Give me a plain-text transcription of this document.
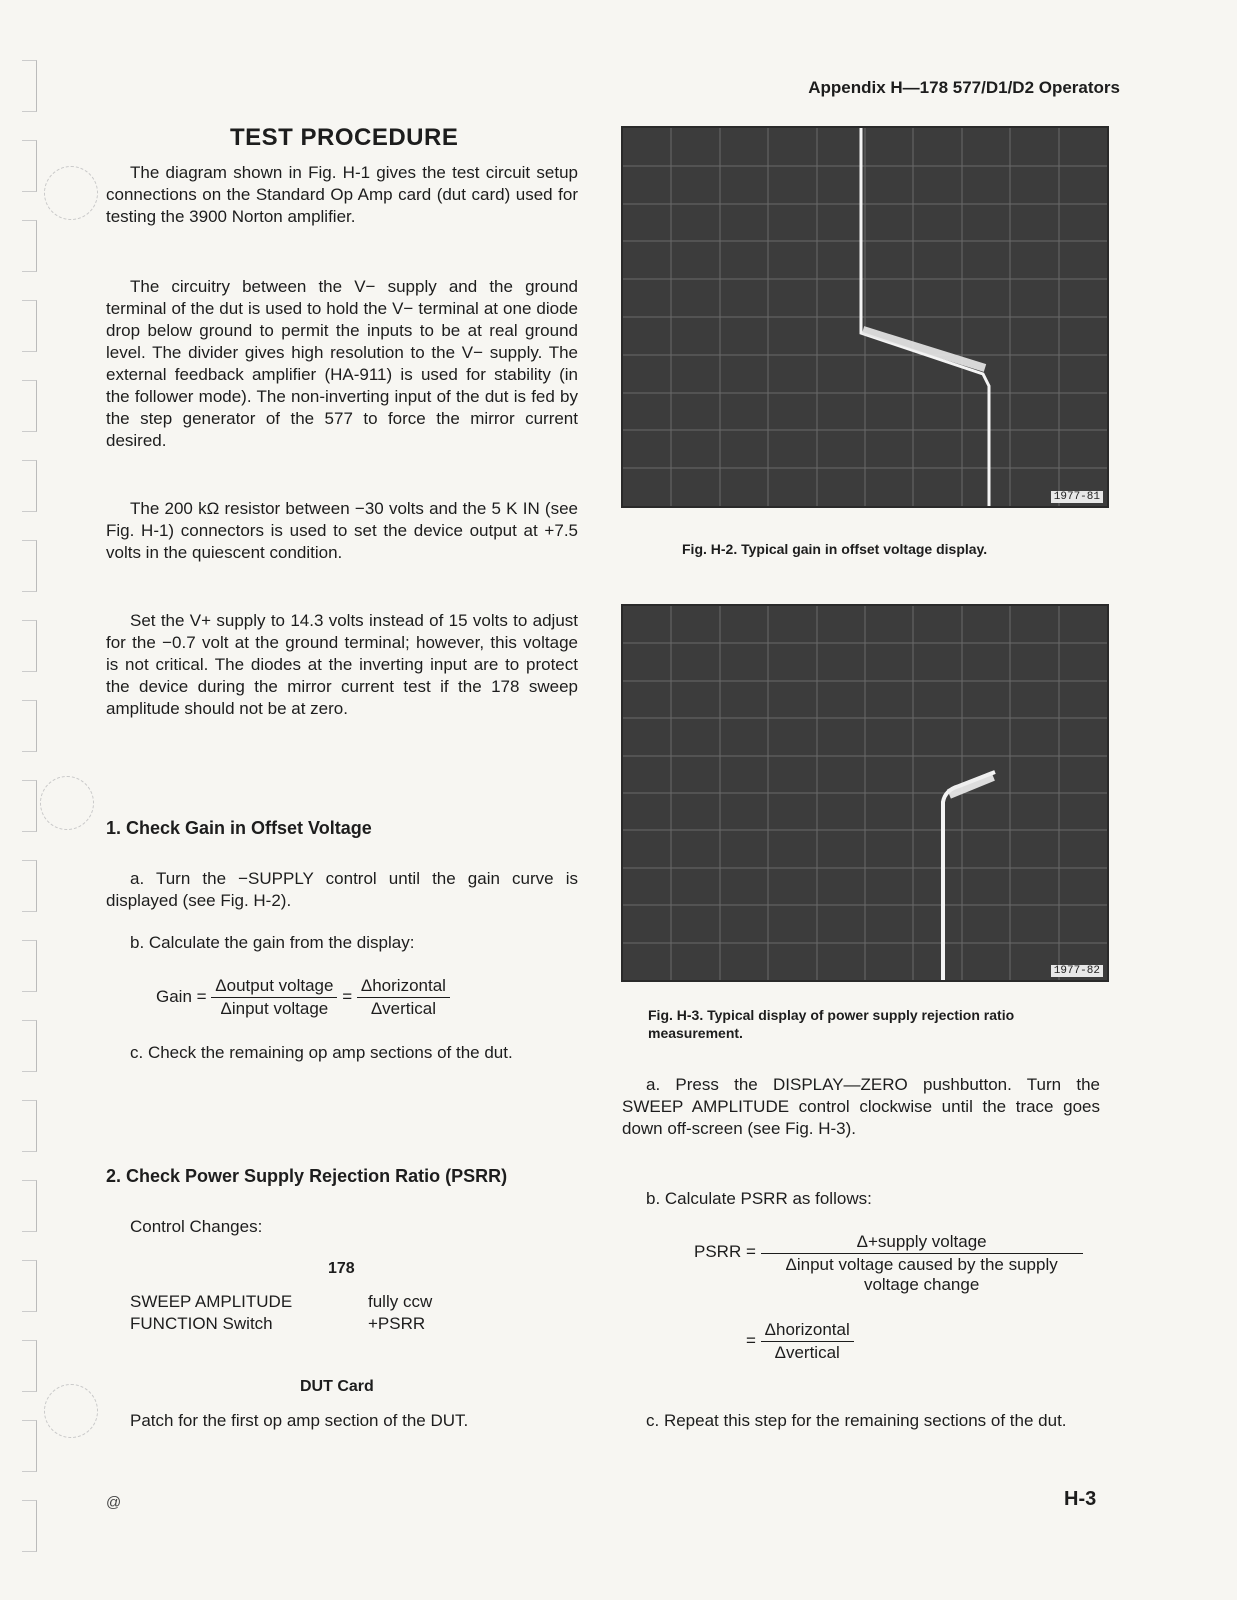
Appendix H—178 577/D1/D2 Operators
TEST PROCEDURE
The diagram shown in Fig. H-1 gives the test circuit setup connections on the Standard Op Amp card (dut card) used for testing the 3900 Norton amplifier.
The circuitry between the V− supply and the ground terminal of the dut is used to hold the V− terminal at one diode drop below ground to permit the inputs to be at real ground level. The divider gives high resolution to the V− supply. The external feedback amplifier (HA-911) is used for stability (in the follower mode). The non-inverting input of the dut is fed by the step generator of the 577 to force the mirror current desired.
The 200 kΩ resistor between −30 volts and the 5 K IN (see Fig. H-1) connectors is used to set the device output at +7.5 volts in the quiescent condition.
Set the V+ supply to 14.3 volts instead of 15 volts to adjust for the −0.7 volt at the ground terminal; however, this voltage is not critical. The diodes at the inverting input are to protect the device during the mirror current test if the 178 sweep amplitude should not be at zero.
1. Check Gain in Offset Voltage
a. Turn the −SUPPLY control until the gain curve is displayed (see Fig. H-2).
b. Calculate the gain from the display:
Gain = $\frac{\text{Δoutput voltage}}{\text{Δinput voltage}} = \frac{\text{Δhorizontal}}{\text{Δvertical}}$
c. Check the remaining op amp sections of the dut.
2. Check Power Supply Rejection Ratio (PSRR)
Control Changes:
178
SWEEP AMPLITUDE	fully ccw
FUNCTION Switch	+PSRR
DUT Card
Patch for the first op amp section of the DUT.
1977-81
Fig. H-2. Typical gain in offset voltage display.
1977-82
Fig. H-3. Typical display of power supply rejection ratio measurement.
a. Press the DISPLAY—ZERO pushbutton. Turn the SWEEP AMPLITUDE control clockwise until the trace goes down off-screen (see Fig. H-3).
b. Calculate PSRR as follows:
PSRR = $\frac{\text{Δ+supply voltage}}{\text{Δinput voltage caused by the supply voltage change}}$
= $\frac{\text{Δhorizontal}}{\text{Δvertical}}$
c. Repeat this step for the remaining sections of the dut.
@	H-3
